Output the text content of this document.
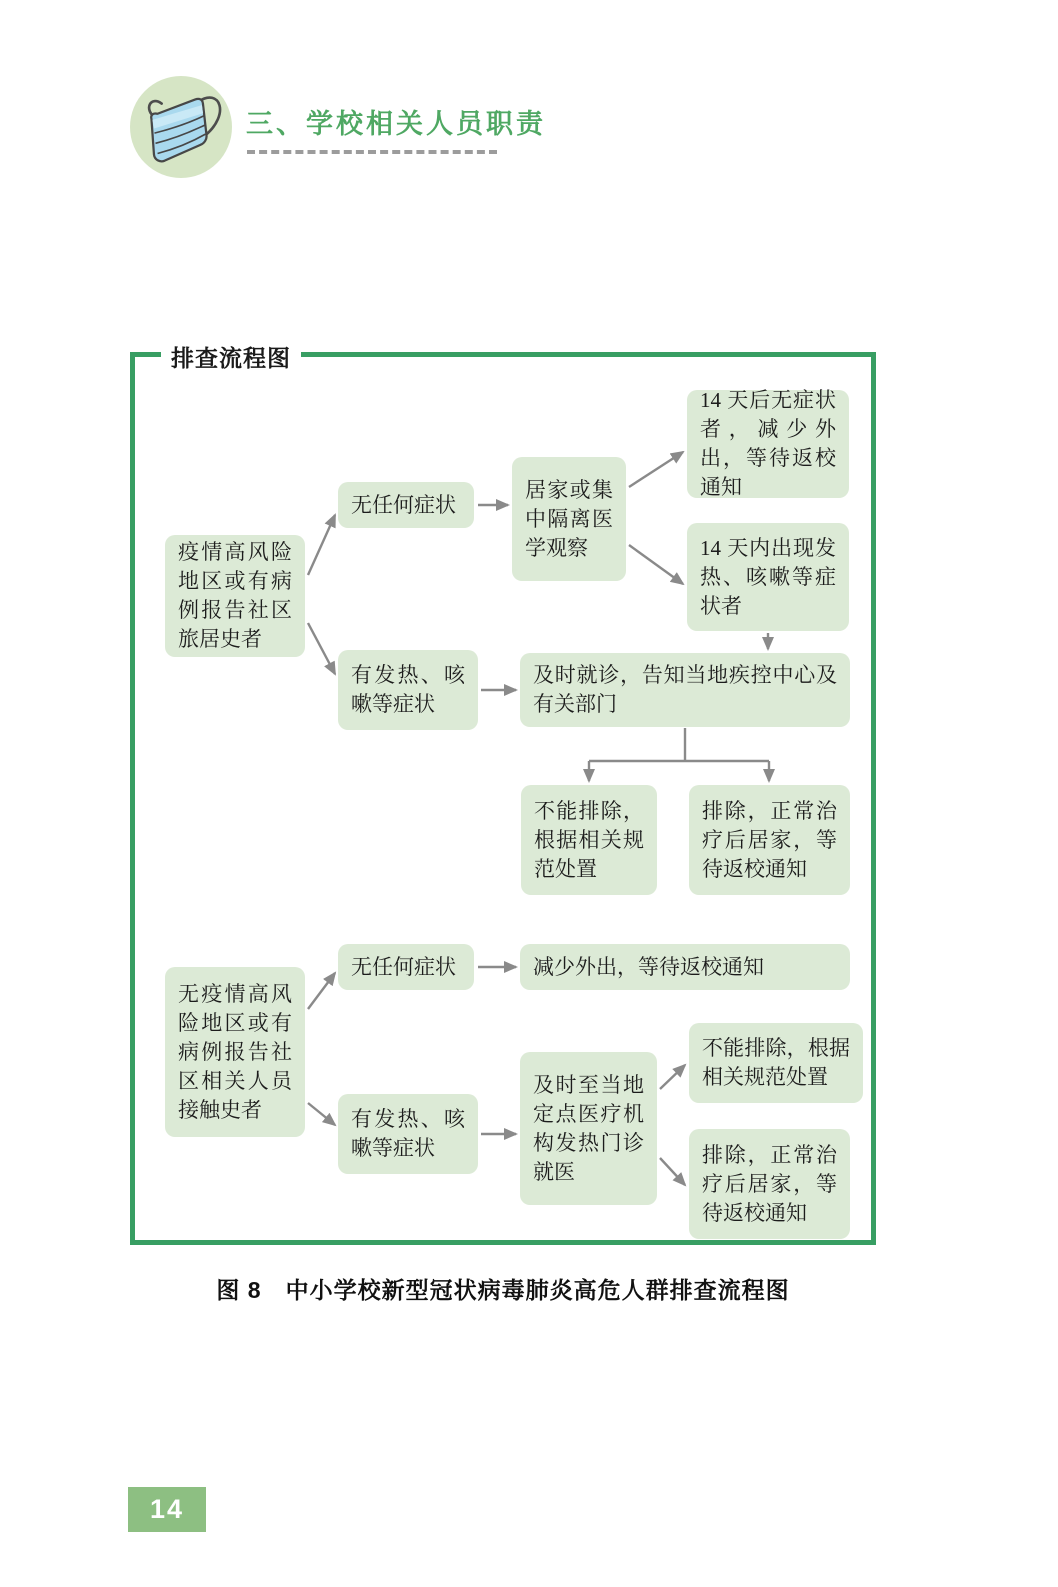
三、学校相关人员职责
排查流程图
疫情高风险地区或有病例报告社区旅居史者
无任何症状
居家或集中隔离医学观察
14 天后无症状者，减少外出，等待返校通知
14 天内出现发热、咳嗽等症状者
有发热、咳嗽等症状
及时就诊，告知当地疾控中心及有关部门
不能排除，根据相关规范处置
排除，正常治疗后居家，等待返校通知
无疫情高风险地区或有病例报告社区相关人员接触史者
无任何症状	减少外出，等待返校通知
有发热、咳嗽等症状
及时至当地定点医疗机构发热门诊就医
不能排除，根据相关规范处置
排除，正常治疗后居家，等待返校通知
图 8　中小学校新型冠状病毒肺炎高危人群排查流程图
14
